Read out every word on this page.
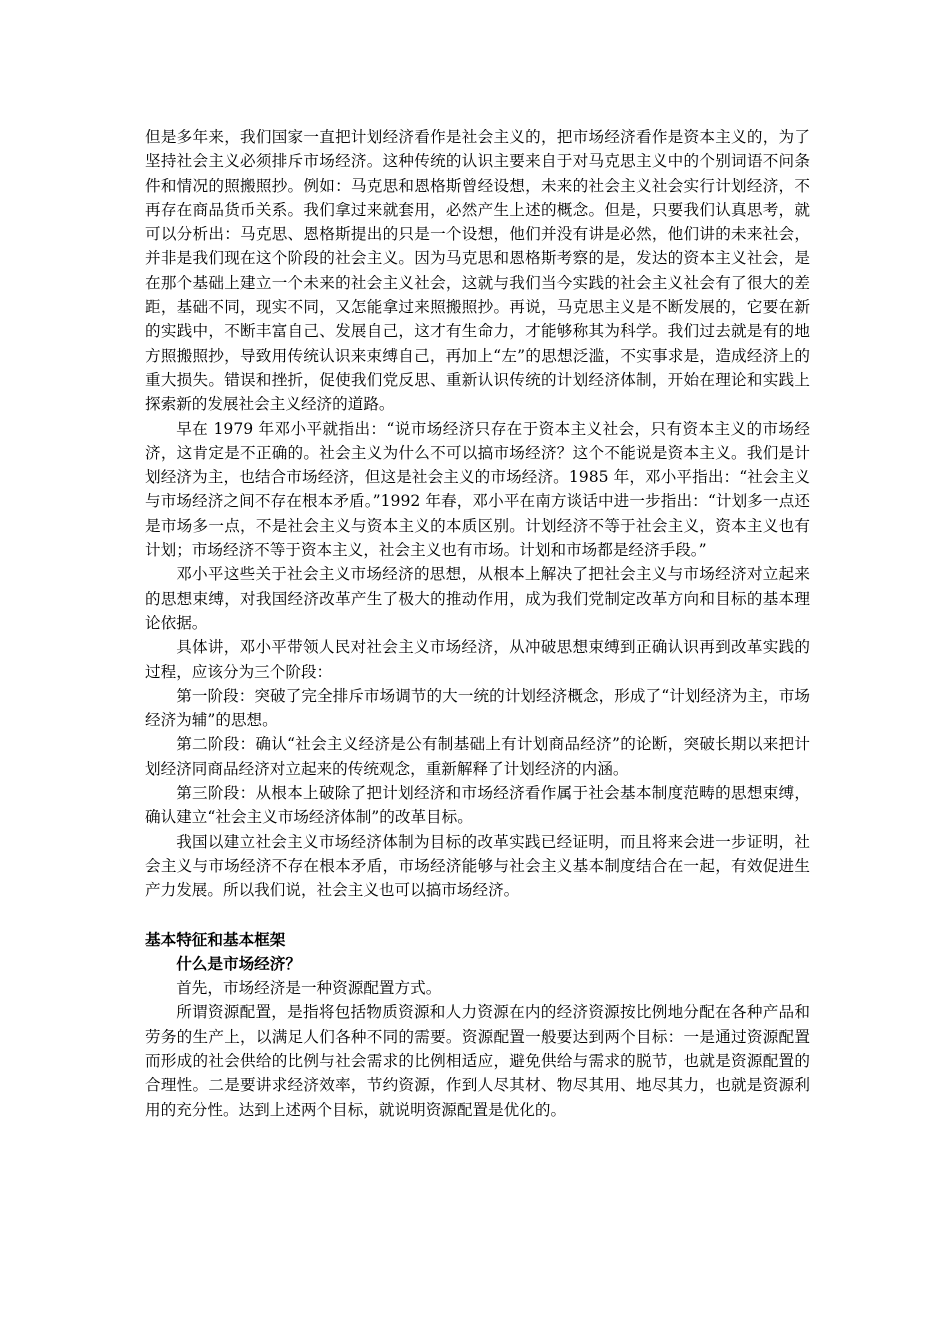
但是多年来，我们国家一直把计划经济看作是社会主义的，把市场经济看作是资本主义的，为了坚持社会主义必须排斥市场经济。这种传统的认识主要来自于对马克思主义中的个别词语不问条件和情况的照搬照抄。例如：马克思和恩格斯曾经设想，未来的社会主义社会实行计划经济，不再存在商品货币关系。我们拿过来就套用，必然产生上述的概念。但是，只要我们认真思考，就可以分析出：马克思、恩格斯提出的只是一个设想，他们并没有讲是必然，他们讲的未来社会，并非是我们现在这个阶段的社会主义。因为马克思和恩格斯考察的是，发达的资本主义社会，是在那个基础上建立一个未来的社会主义社会，这就与我们当今实践的社会主义社会有了很大的差距，基础不同，现实不同，又怎能拿过来照搬照抄。再说，马克思主义是不断发展的，它要在新的实践中，不断丰富自己、发展自己，这才有生命力，才能够称其为科学。我们过去就是有的地方照搬照抄，导致用传统认识来束缚自己，再加上“左”的思想泛滥，不实事求是，造成经济上的重大损失。错误和挫折，促使我们党反思、重新认识传统的计划经济体制，开始在理论和实践上探索新的发展社会主义经济的道路。

早在 1979 年邓小平就指出：“说市场经济只存在于资本主义社会，只有资本主义的市场经济，这肯定是不正确的。社会主义为什么不可以搞市场经济？这个不能说是资本主义。我们是计划经济为主，也结合市场经济，但这是社会主义的市场经济。1985 年，邓小平指出：“社会主义与市场经济之间不存在根本矛盾。”1992 年春，邓小平在南方谈话中进一步指出：“计划多一点还是市场多一点，不是社会主义与资本主义的本质区别。计划经济不等于社会主义，资本主义也有计划；市场经济不等于资本主义，社会主义也有市场。计划和市场都是经济手段。”

邓小平这些关于社会主义市场经济的思想，从根本上解决了把社会主义与市场经济对立起来的思想束缚，对我国经济改革产生了极大的推动作用，成为我们党制定改革方向和目标的基本理论依据。

具体讲，邓小平带领人民对社会主义市场经济，从冲破思想束缚到正确认识再到改革实践的过程，应该分为三个阶段：

第一阶段：突破了完全排斥市场调节的大一统的计划经济概念，形成了“计划经济为主，市场经济为辅”的思想。

第二阶段：确认“社会主义经济是公有制基础上有计划商品经济”的论断，突破长期以来把计划经济同商品经济对立起来的传统观念，重新解释了计划经济的内涵。

第三阶段：从根本上破除了把计划经济和市场经济看作属于社会基本制度范畴的思想束缚，确认建立“社会主义市场经济体制”的改革目标。

我国以建立社会主义市场经济体制为目标的改革实践已经证明，而且将来会进一步证明，社会主义与市场经济不存在根本矛盾，市场经济能够与社会主义基本制度结合在一起，有效促进生产力发展。所以我们说，社会主义也可以搞市场经济。

基本特征和基本框架

什么是市场经济？

首先，市场经济是一种资源配置方式。

所谓资源配置，是指将包括物质资源和人力资源在内的经济资源按比例地分配在各种产品和劳务的生产上，以满足人们各种不同的需要。资源配置一般要达到两个目标：一是通过资源配置而形成的社会供给的比例与社会需求的比例相适应，避免供给与需求的脱节，也就是资源配置的合理性。二是要讲求经济效率，节约资源，作到人尽其材、物尽其用、地尽其力，也就是资源利用的充分性。达到上述两个目标，就说明资源配置是优化的。
